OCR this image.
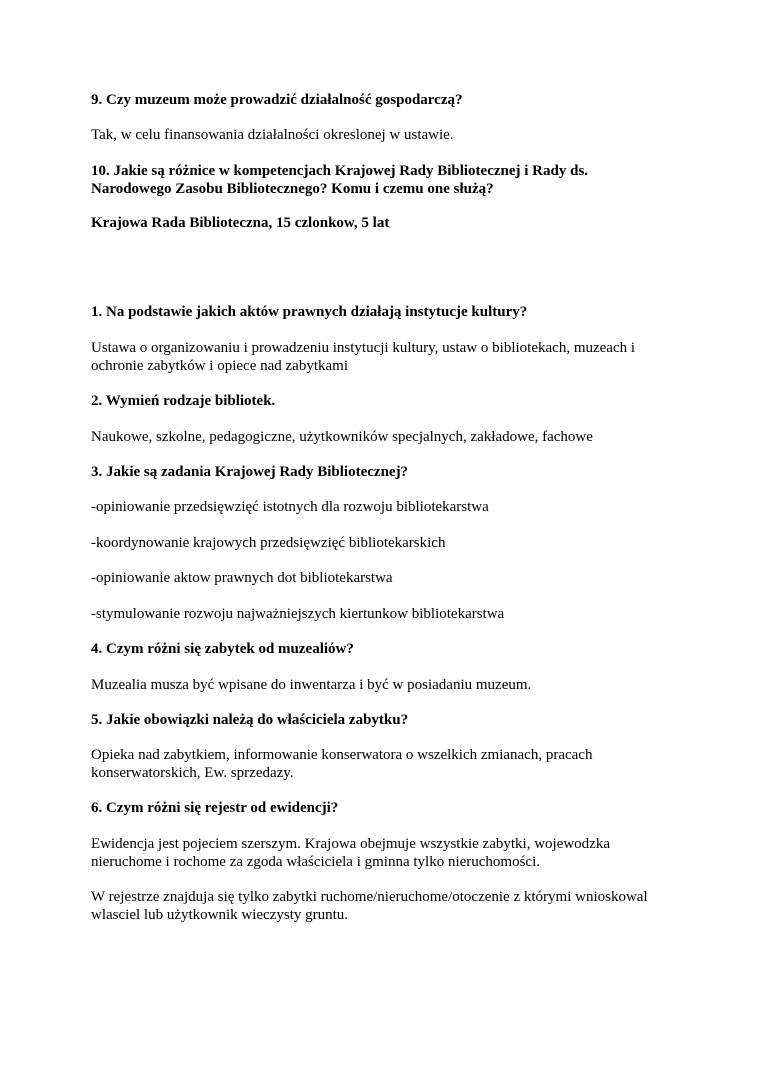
9. Czy muzeum może prowadzić działalność gospodarczą?
Tak, w celu finansowania działalności okreslonej w ustawie.
10. Jakie są różnice w kompetencjach Krajowej Rady Bibliotecznej i Rady ds.
Narodowego Zasobu Bibliotecznego? Komu i czemu one służą?
Krajowa Rada Biblioteczna, 15 czlonkow, 5 lat
1. Na podstawie jakich aktów prawnych działają instytucje kultury?
Ustawa o organizowaniu i prowadzeniu instytucji kultury, ustaw o bibliotekach, muzeach i
ochronie zabytków i opiece nad zabytkami
2. Wymień rodzaje bibliotek.
Naukowe, szkolne, pedagogiczne, użytkowników specjalnych, zakładowe, fachowe
3. Jakie są zadania Krajowej Rady Bibliotecznej?
-opiniowanie przedsięwzięć istotnych dla rozwoju bibliotekarstwa
-koordynowanie krajowych przedsięwzięć bibliotekarskich
-opiniowanie aktow prawnych dot bibliotekarstwa
-stymulowanie rozwoju najważniejszych kiertunkow bibliotekarstwa
4. Czym różni się zabytek od muzealiów?
Muzealia musza być wpisane do inwentarza i być w posiadaniu muzeum.
5. Jakie obowiązki należą do właściciela zabytku?
Opieka nad zabytkiem, informowanie konserwatora o wszelkich zmianach, pracach
konserwatorskich, Ew. sprzedazy.
6. Czym różni się rejestr od ewidencji?
Ewidencja jest pojeciem szerszym. Krajowa obejmuje wszystkie zabytki, wojewodzka
nieruchome i rochome za zgoda właściciela i gminna tylko nieruchomości.
W rejestrze znajduja się tylko zabytki ruchome/nieruchome/otoczenie z którymi wnioskowal
wlasciel lub użytkownik wieczysty gruntu.
